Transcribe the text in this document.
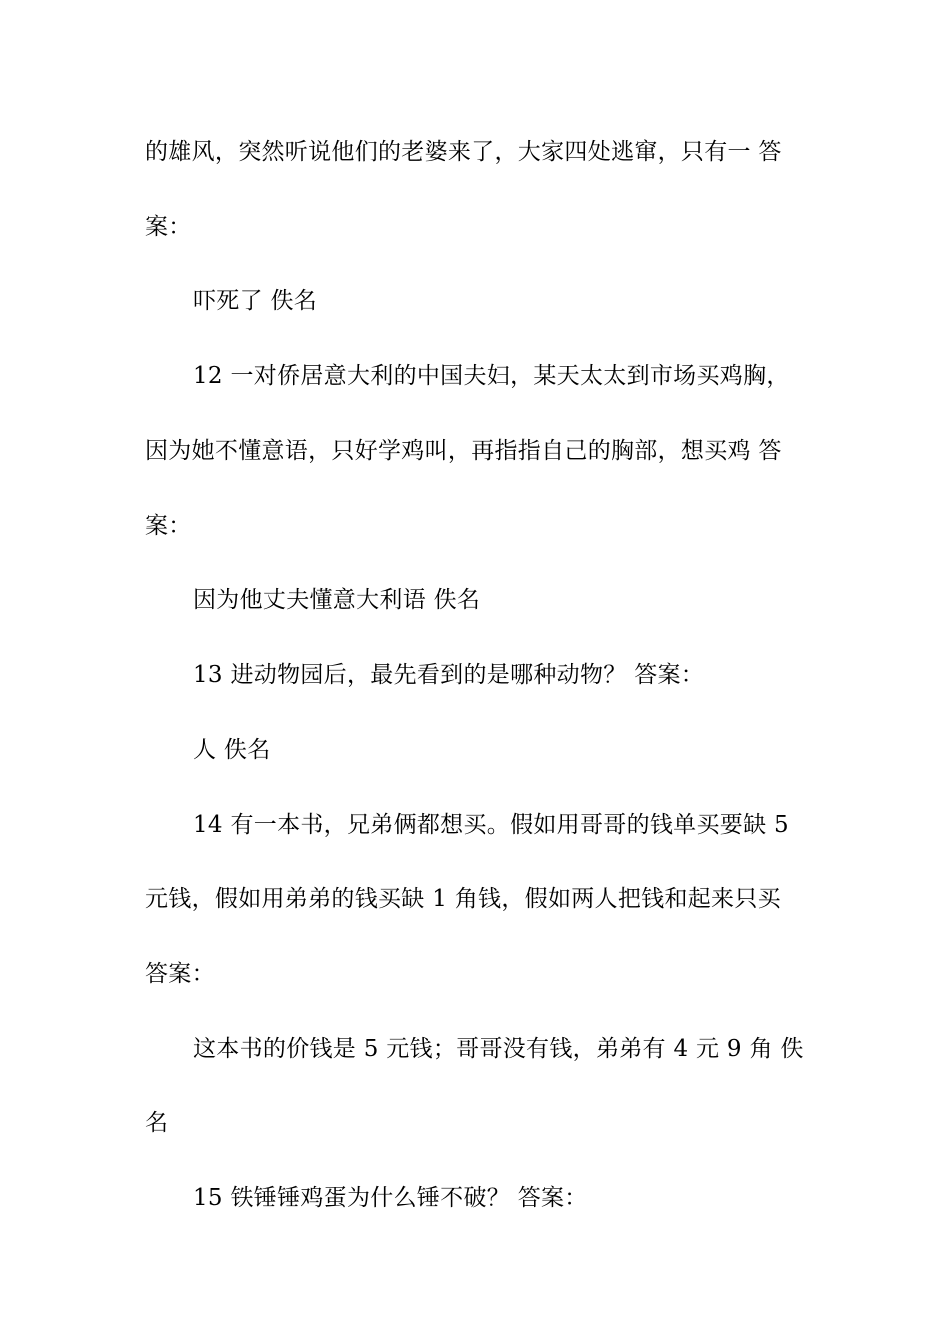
的雄风，突然听说他们的老婆来了，大家四处逃窜，只有一 答
案：
吓死了 佚名
12 一对侨居意大利的中国夫妇，某天太太到市场买鸡胸，
因为她不懂意语，只好学鸡叫，再指指自己的胸部，想买鸡 答
案：
因为他丈夫懂意大利语 佚名
13 进动物园后，最先看到的是哪种动物？ 答案：
人 佚名
14 有一本书，兄弟俩都想买。假如用哥哥的钱单买要缺 5
元钱，假如用弟弟的钱买缺 1 角钱，假如两人把钱和起来只买
答案：
这本书的价钱是 5 元钱；哥哥没有钱，弟弟有 4 元 9 角 佚
名
15 铁锤锤鸡蛋为什么锤不破？ 答案：
